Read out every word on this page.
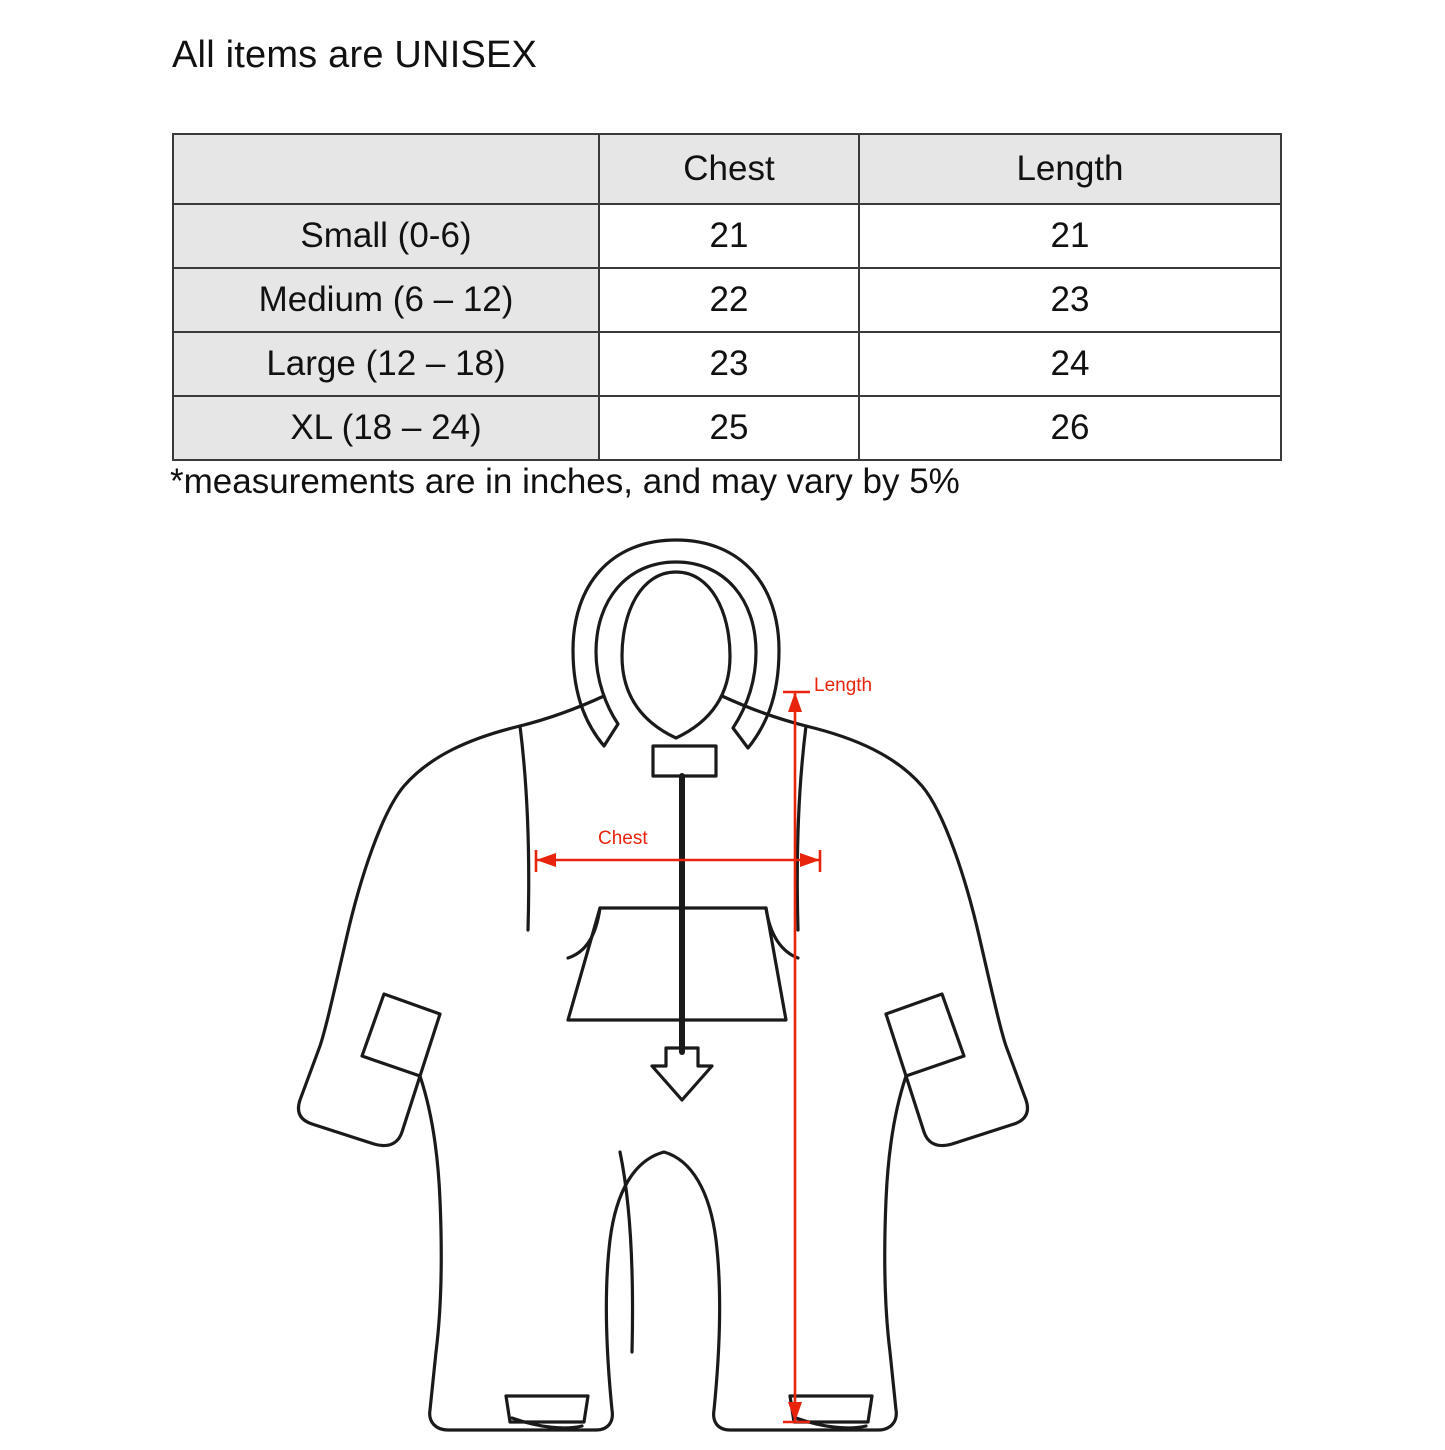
All items are UNISEX
	Chest	Length
Small (0-6)	21	21
Medium (6 – 12)	22	23
Large (12 – 18)	23	24
XL (18 – 24)	25	26
*measurements are in inches, and may vary by 5%
Chest
Length
